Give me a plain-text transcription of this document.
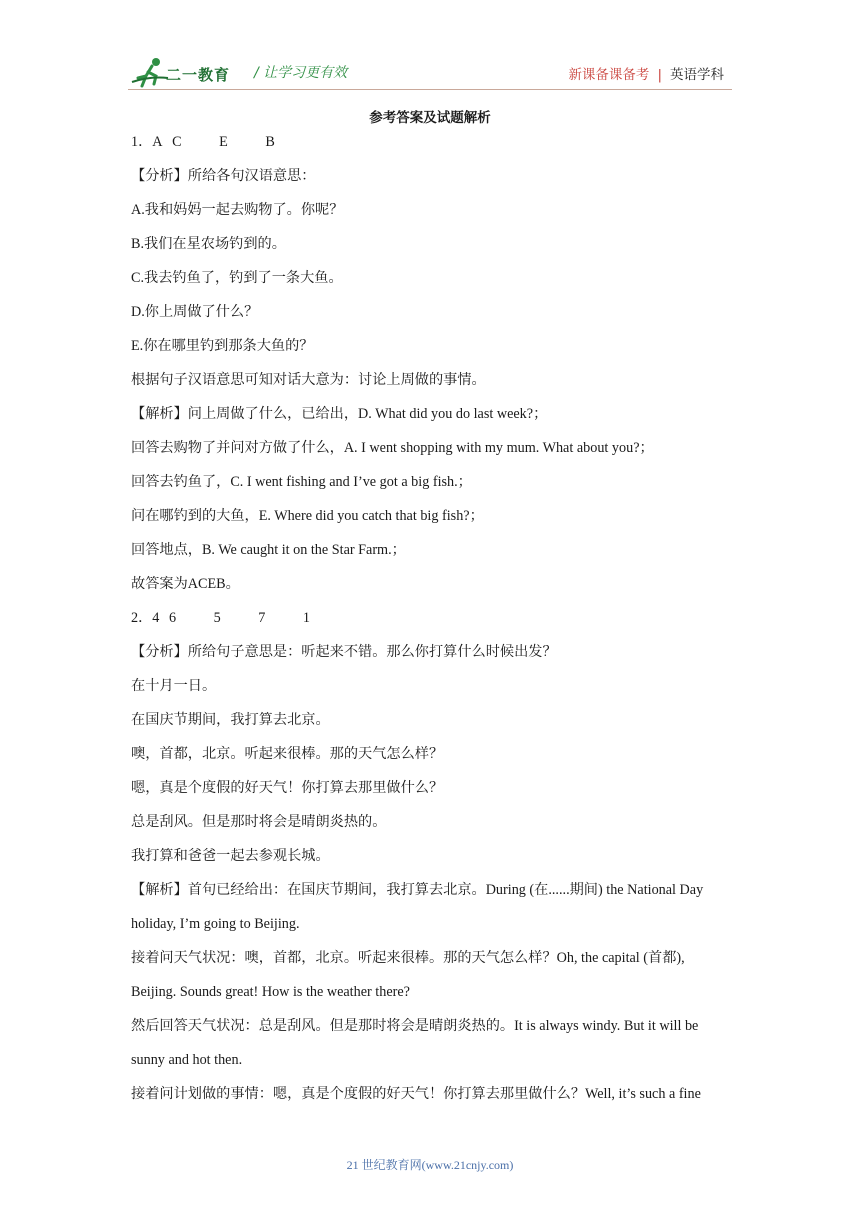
二一教育 / 让学习更有效	新课备课备考 | 英语学科
参考答案及试题解析
1．A C	E	B
【分析】所给各句汉语意思：
A.我和妈妈一起去购物了。你呢？
B.我们在星农场钓到的。
C.我去钓鱼了，钓到了一条大鱼。
D.你上周做了什么？
E.你在哪里钓到那条大鱼的？
根据句子汉语意思可知对话大意为：讨论上周做的事情。
【解析】问上周做了什么，已给出，D. What did you do last week?；
回答去购物了并问对方做了什么，A. I went shopping with my mum. What about you?；
回答去钓鱼了，C. I went fishing and I’ve got a big fish.；
问在哪钓到的大鱼，E. Where did you catch that big fish?；
回答地点，B. We caught it on the Star Farm.；
故答案为ACEB。
2．4 6	5	7	1
【分析】所给句子意思是：听起来不错。那么你打算什么时候出发？
在十月一日。
在国庆节期间，我打算去北京。
噢，首都，北京。听起来很棒。那的天气怎么样？
嗯，真是个度假的好天气！你打算去那里做什么？
总是刮风。但是那时将会是晴朗炎热的。
我打算和爸爸一起去参观长城。
【解析】首句已经给出：在国庆节期间，我打算去北京。During (在......期间) the National Day
holiday, I’m going to Beijing.
接着问天气状况：噢，首都，北京。听起来很棒。那的天气怎么样？Oh, the capital (首都),
Beijing. Sounds great! How is the weather there?
然后回答天气状况：总是刮风。但是那时将会是晴朗炎热的。It is always windy. But it will be
sunny and hot then.
接着问计划做的事情：嗯，真是个度假的好天气！你打算去那里做什么？Well, it’s such a fine
21 世纪教育网(www.21cnjy.com)
